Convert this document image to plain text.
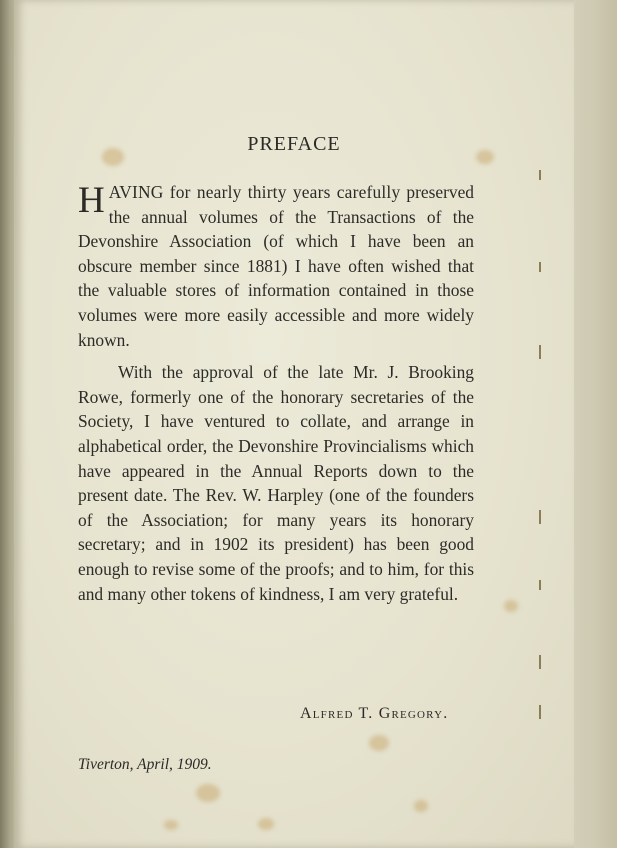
PREFACE

H AVING for nearly thirty years carefully preserved the annual volumes of the Transactions of the Devonshire Association (of which I have been an obscure member since 1881) I have often wished that the valuable stores of information contained in those volumes were more easily accessible and more widely known.

With the approval of the late Mr. J. Brooking Rowe, formerly one of the honorary secretaries of the Society, I have ventured to collate, and arrange in alphabetical order, the Devonshire Provincialisms which have appeared in the Annual Reports down to the present date. The Rev. W. Harpley (one of the founders of the Association; for many years its honorary secretary; and in 1902 its president) has been good enough to revise some of the proofs; and to him, for this and many other tokens of kindness, I am very grateful.

Alfred T. Gregory.
Tiverton, April, 1909.
